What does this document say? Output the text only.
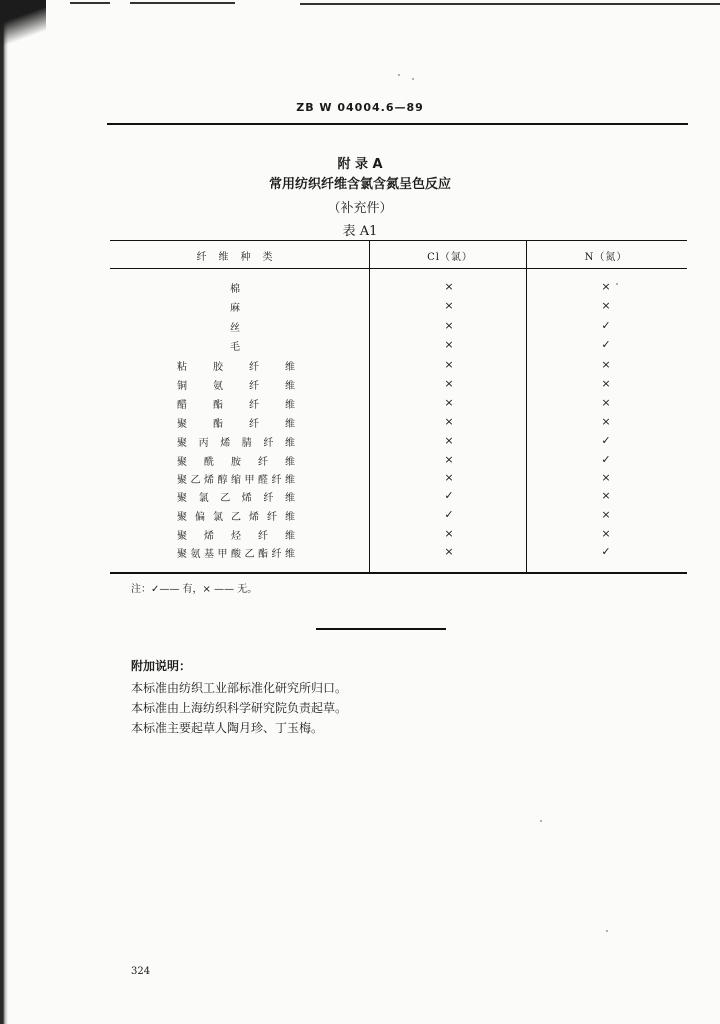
ZB W 04004.6—89
附 录 A
常用纺织纤维含氯含氮呈色反应
（补充件）
表 A1
纤　维　种　类	Cl（氯）	N（氮）
棉	×	×
麻	×	×
丝	×	✓
毛	×	✓
粘胶纤维	×	×
铜氨纤维	×	×
醋酯纤维	×	×
聚酯纤维	×	×
聚丙烯腈纤维	×	✓
聚酰胺纤维	×	✓
聚乙烯醇缩甲醛纤维	×	×
聚氯乙烯纤维	✓	×
聚偏氯乙烯纤维	✓	×
聚烯烃纤维	×	×
聚氨基甲酸乙酯纤维	×	✓
注：✓—— 有，× —— 无。
附加说明：
本标准由纺织工业部标准化研究所归口。
本标准由上海纺织科学研究院负责起草。
本标准主要起草人陶月珍、丁玉梅。
324
